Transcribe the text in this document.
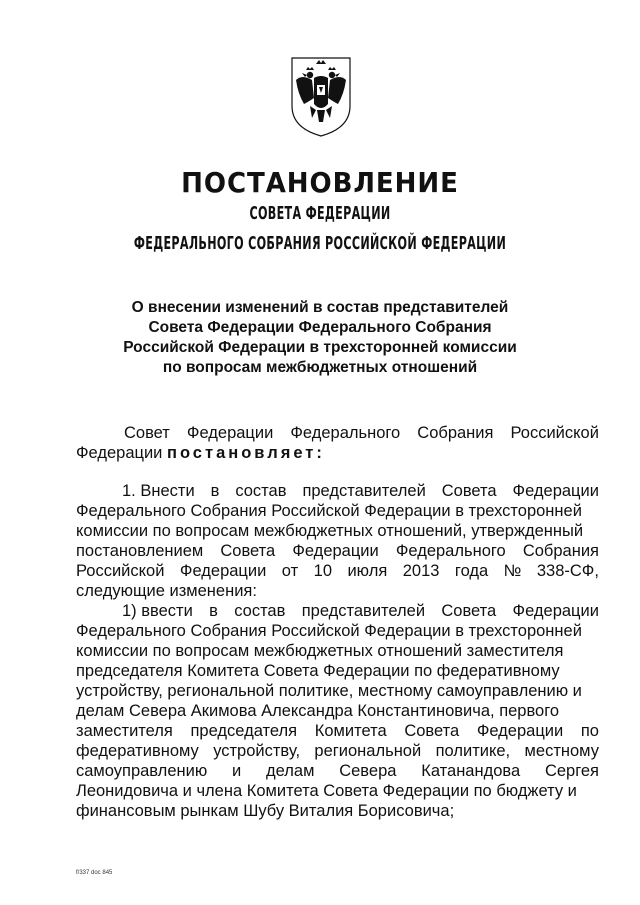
ПОСТАНОВЛЕНИЕ
СОВЕТА ФЕДЕРАЦИИ
ФЕДЕРАЛЬНОГО СОБРАНИЯ РОССИЙСКОЙ ФЕДЕРАЦИИ
О внесении изменений в состав представителей
Совета Федерации Федерального Собрания
Российской Федерации в трехсторонней комиссии
по вопросам межбюджетных отношений
Совет Федерации Федерального Собрания Российской
Федерации постановляет :
1. Внести в состав представителей Совета Федерации
Федерального Собрания Российской Федерации в трехсторонней
комиссии по вопросам межбюджетных отношений, утвержденный
постановлением Совета Федерации Федерального Собрания
Российской Федерации от 10 июля 2013 года № 338-СФ,
следующие изменения:
1) ввести в состав представителей Совета Федерации
Федерального Собрания Российской Федерации в трехсторонней
комиссии по вопросам межбюджетных отношений заместителя
председателя Комитета Совета Федерации по федеративному
устройству, региональной политике, местному самоуправлению и
делам Севера Акимова Александра Константиновича, первого
заместителя председателя Комитета Совета Федерации по
федеративному устройству, региональной политике, местному
самоуправлению и делам Севера Катанандова Сергея
Леонидовича и члена Комитета Совета Федерации по бюджету и
финансовым рынкам Шубу Виталия Борисовича;
f/337 doc 845
